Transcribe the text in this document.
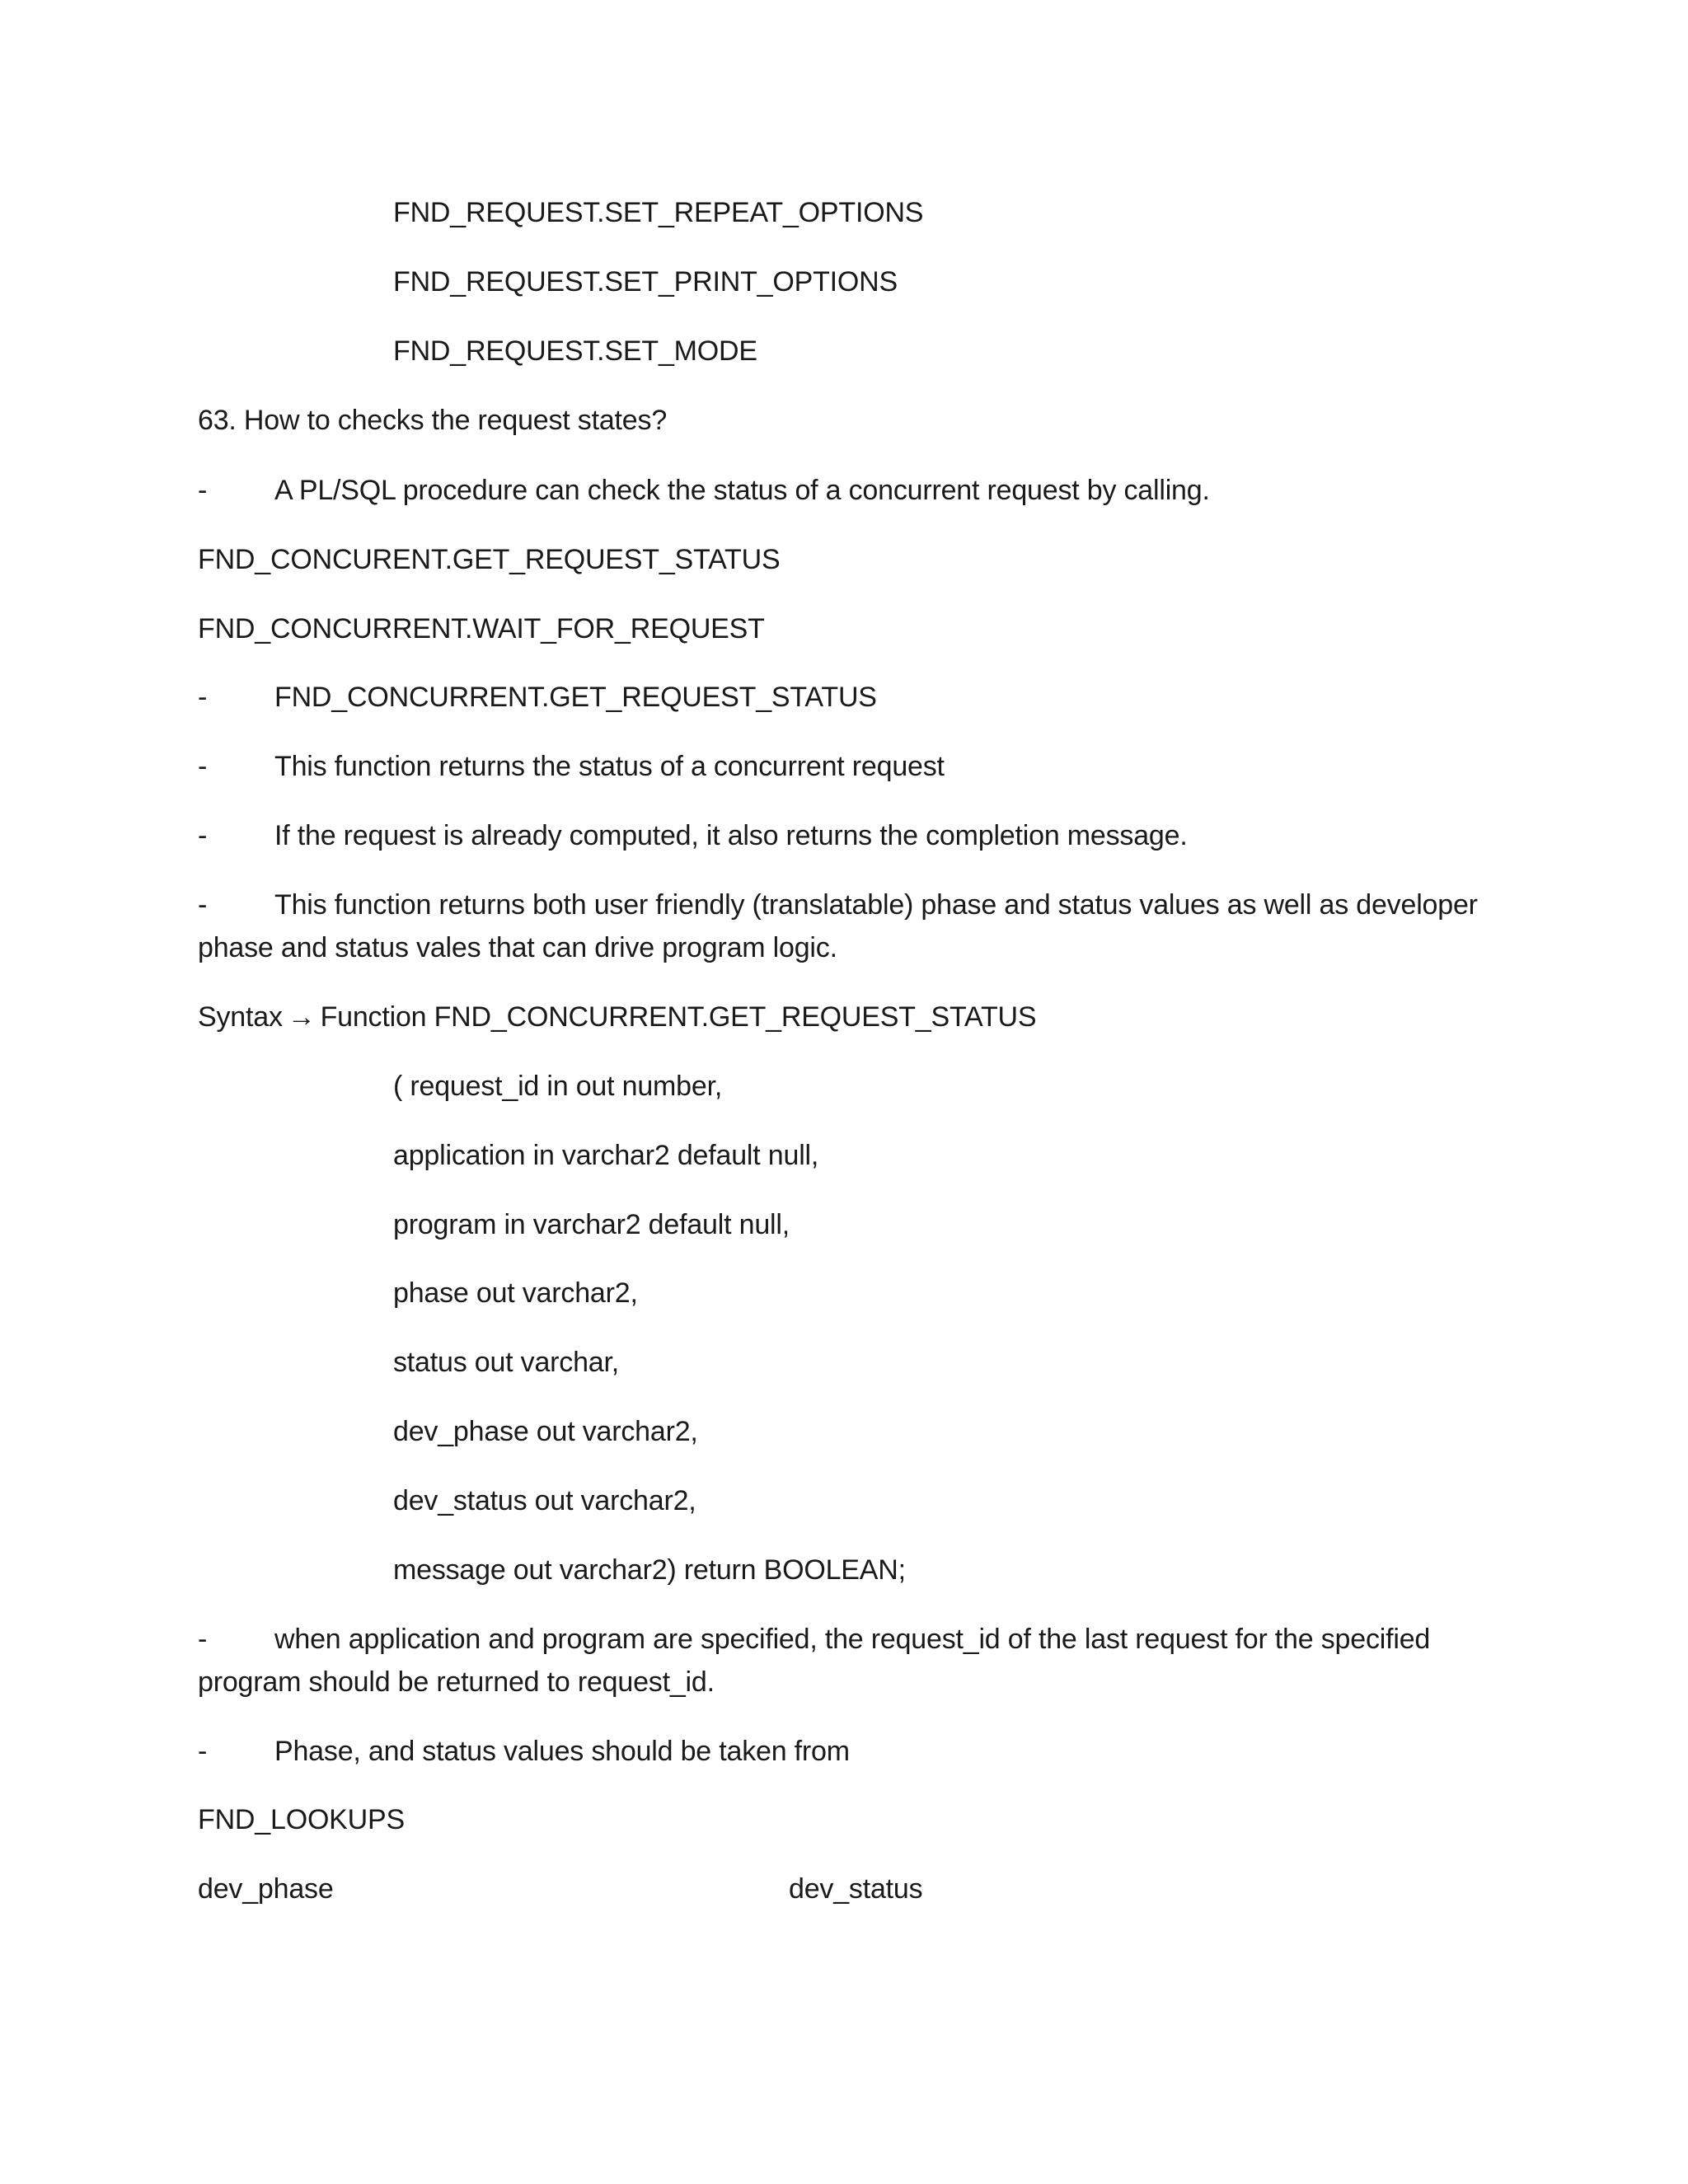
FND_REQUEST.SET_REPEAT_OPTIONS
FND_REQUEST.SET_PRINT_OPTIONS
FND_REQUEST.SET_MODE
63. How to checks the request states?
- A PL/SQL procedure can check the status of a concurrent request by calling.
FND_CONCURENT.GET_REQUEST_STATUS
FND_CONCURRENT.WAIT_FOR_REQUEST
- FND_CONCURRENT.GET_REQUEST_STATUS
- This function returns the status of a concurrent request
- If the request is already computed, it also returns the completion message.
- This function returns both user friendly (translatable) phase and status values as well as developer
phase and status vales that can drive program logic.
Syntax → Function FND_CONCURRENT.GET_REQUEST_STATUS
( request_id in out number,
application in varchar2 default null,
program in varchar2 default null,
phase out varchar2,
status out varchar,
dev_phase out varchar2,
dev_status out varchar2,
message out varchar2) return BOOLEAN;
- when application and program are specified, the request_id of the last request for the specified
program should be returned to request_id.
- Phase, and status values should be taken from
FND_LOOKUPS
dev_phase	dev_status
